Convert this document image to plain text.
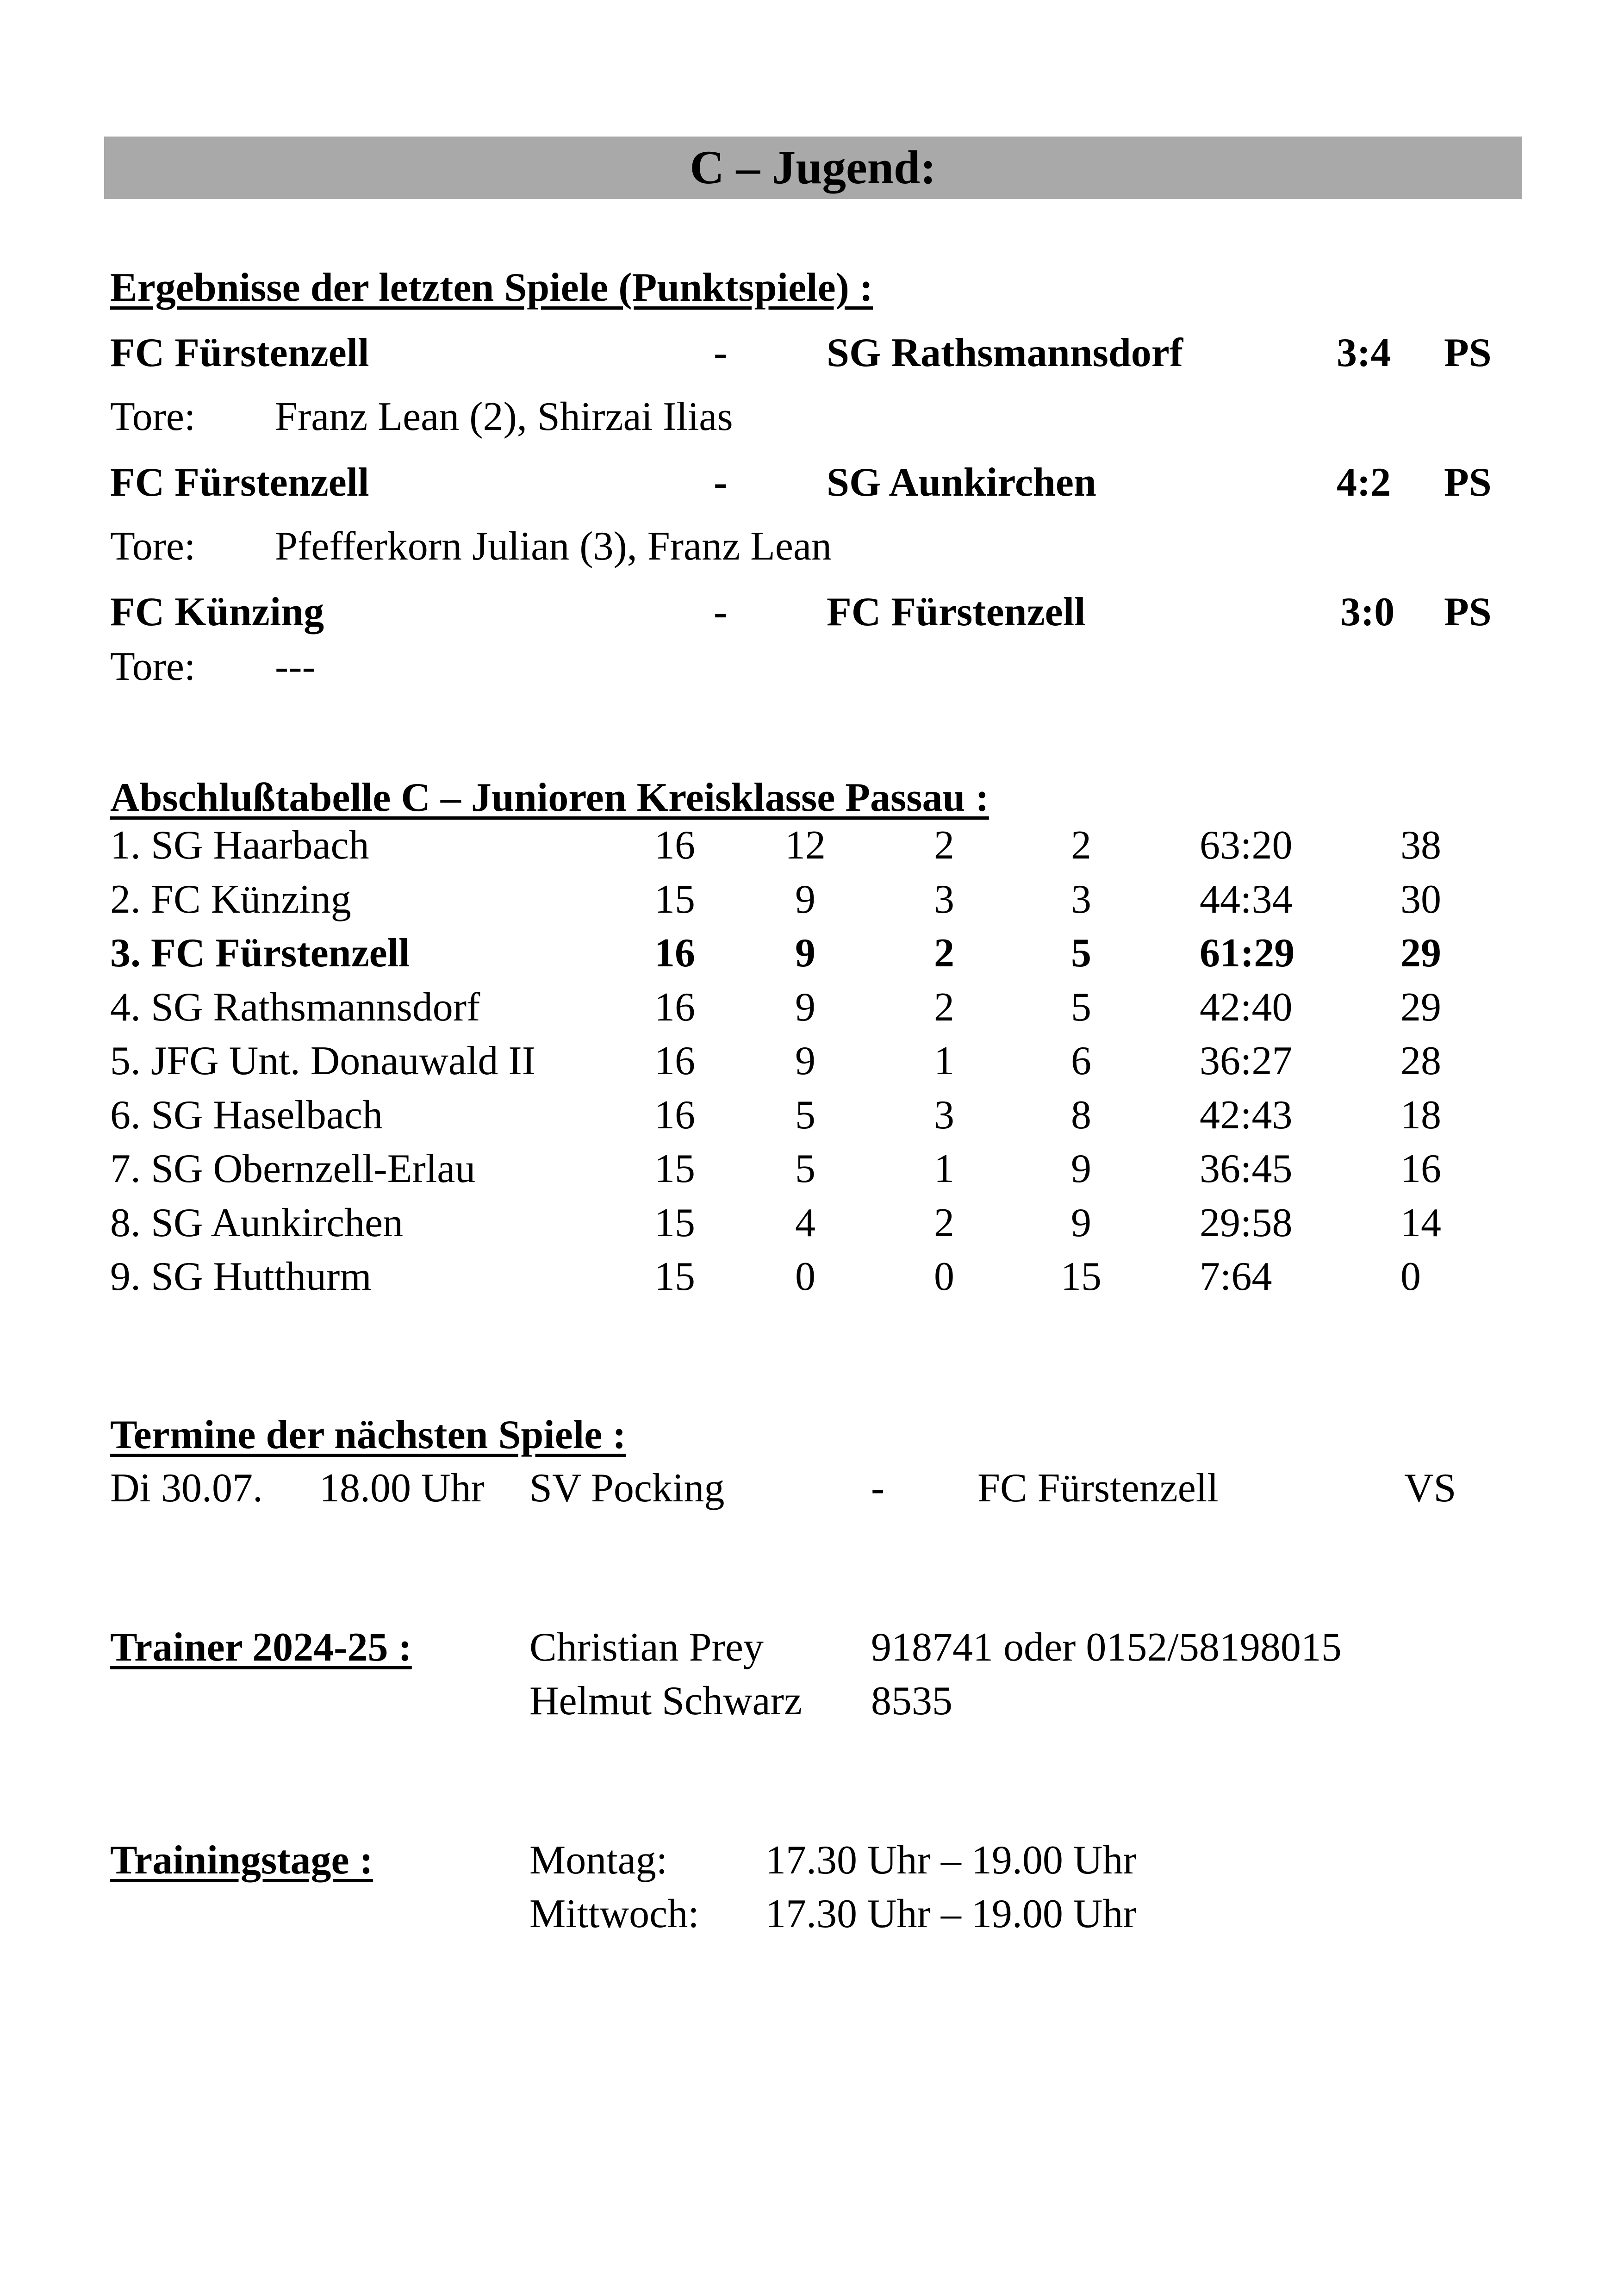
C – Jugend:
Ergebnisse der letzten Spiele (Punktspiele) :
FC Fürstenzell	- SG Rathsmannsdorf	3:4 PS
Tore: Franz Lean (2), Shirzai Ilias
FC Fürstenzell	- SG Aunkirchen	4:2 PS
Tore: Pfefferkorn Julian (3), Franz Lean
FC Künzing	- FC Fürstenzell	3:0 PS
Tore: ---
Abschlußtabelle C – Junioren Kreisklasse Passau :
1. SG Haarbach	16	12	2	2	63:20	38
2. FC Künzing	15	9	3	3	44:34	30
3. FC Fürstenzell	16	9	2	5	61:29	29
4. SG Rathsmannsdorf	16	9	2	5	42:40	29
5. JFG Unt. Donauwald II	16	9	1	6	36:27	28
6. SG Haselbach	16	5	3	8	42:43	18
7. SG Obernzell-Erlau	15	5	1	9	36:45	16
8. SG Aunkirchen	15	4	2	9	29:58	14
9. SG Hutthurm	15	0	0	15	7:64	0
Termine der nächsten Spiele :
Di 30.07. 18.00 Uhr SV Pocking	- FC Fürstenzell	VS
Trainer 2024-25 :	Christian Prey	918741 oder 0152/58198015
Helmut Schwarz 8535
Trainingstage :	Montag: 17.30 Uhr – 19.00 Uhr
Mittwoch: 17.30 Uhr – 19.00 Uhr
